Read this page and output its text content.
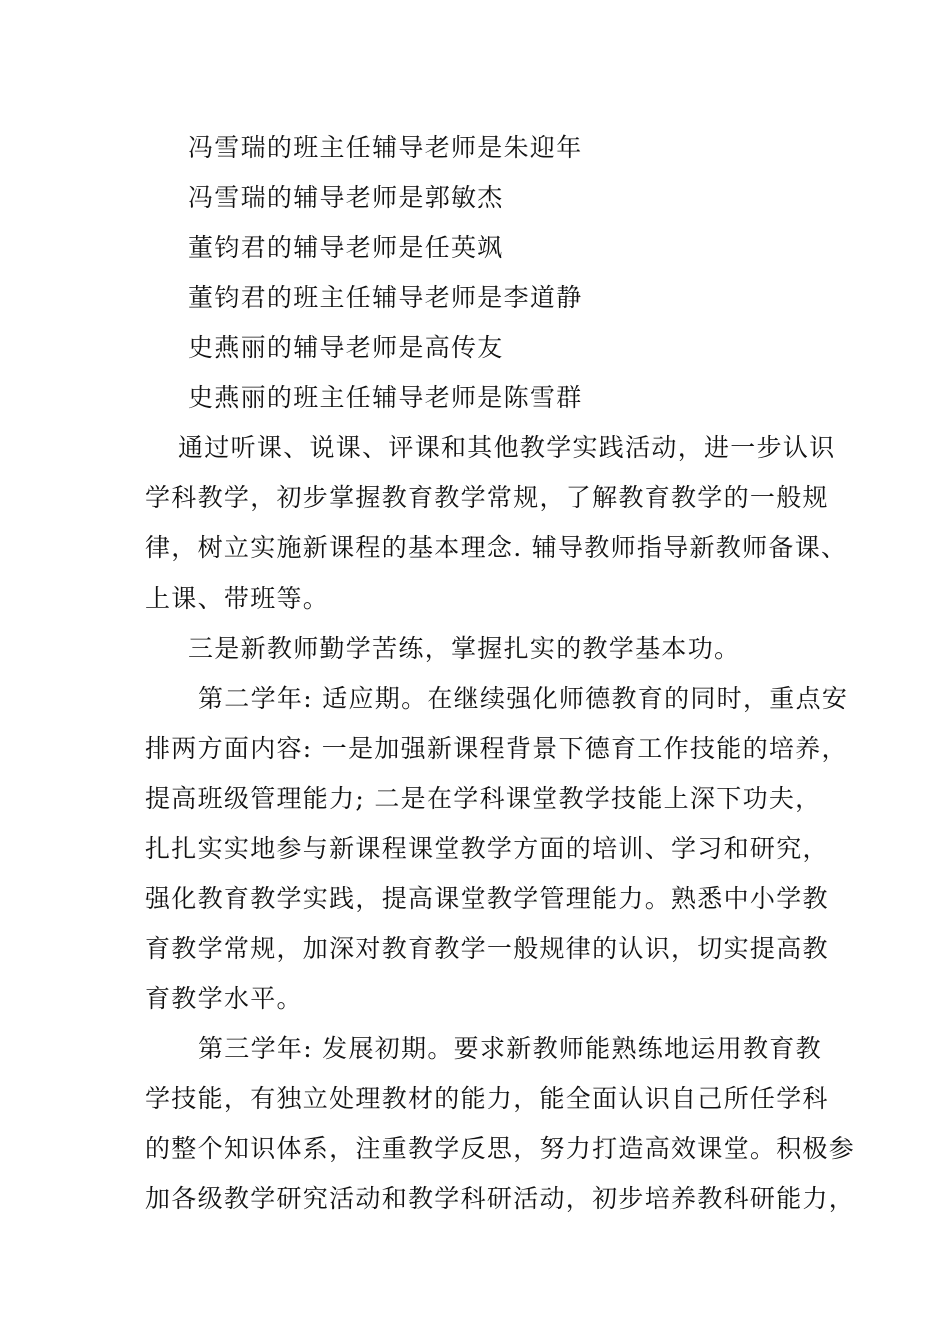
冯雪瑞的班主任辅导老师是朱迎年
冯雪瑞的辅导老师是郭敏杰
董钧君的辅导老师是任英飒
董钧君的班主任辅导老师是李道静
史燕丽的辅导老师是高传友
史燕丽的班主任辅导老师是陈雪群
通过听课、说课、评课和其他教学实践活动，进一步认识
学科教学，初步掌握教育教学常规，了解教育教学的一般规
律，树立实施新课程的基本理念. 辅导教师指导新教师备课、
上课、带班等。
三是新教师勤学苦练，掌握扎实的教学基本功。
第二学年: 适应期。在继续强化师德教育的同时，重点安
排两方面内容: 一是加强新课程背景下德育工作技能的培养，
提高班级管理能力; 二是在学科课堂教学技能上深下功夫，
扎扎实实地参与新课程课堂教学方面的培训、学习和研究，
强化教育教学实践，提高课堂教学管理能力。熟悉中小学教
育教学常规，加深对教育教学一般规律的认识，切实提高教
育教学水平。
第三学年: 发展初期。要求新教师能熟练地运用教育教
学技能，有独立处理教材的能力，能全面认识自己所任学科
的整个知识体系，注重教学反思，努力打造高效课堂。积极参
加各级教学研究活动和教学科研活动，初步培养教科研能力，
